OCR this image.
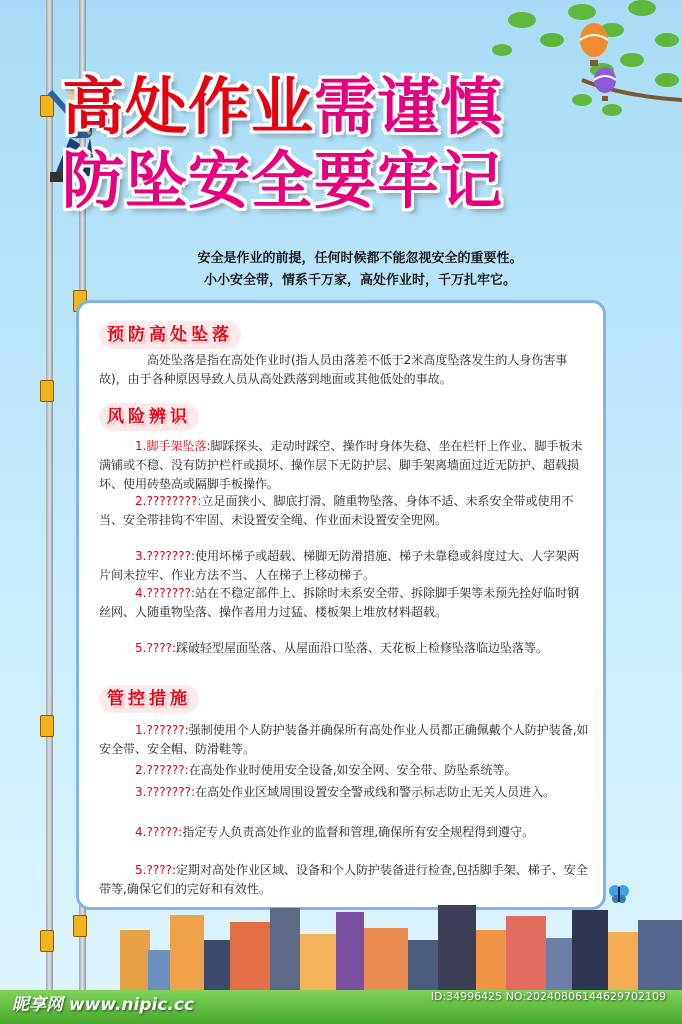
高处作业需谨慎
防坠安全要牢记
安全是作业的前提，任何时候都不能忽视安全的重要性。
小小安全带，情系千万家，高处作业时，千万扎牢它。
预防高处坠落
高处坠落是指在高处作业时(指人员由落差不低于2米高度坠落发生的人身伤害事故)，由于各种原因导致人员从高处跌落到地面或其他低处的事故。
风险辨识
1.脚手架坠落:脚踩探头、走动时踩空、操作时身体失稳、坐在栏杆上作业、脚手板未满铺或不稳、没有防护栏杆或损坏、操作层下无防护层、脚手架离墙面过近无防护、超载损坏、使用砖垫高或隔脚手板操作。
2.????????:立足面狭小、脚底打滑、随重物坠落、身体不适、未系安全带或使用不当、安全带挂钩不牢固、未设置安全绳、作业面未设置安全兜网。
3.???????:使用坏梯子或超载、梯脚无防滑措施、梯子未靠稳或斜度过大、人字架两片间未拉牢、作业方法不当、人在梯子上移动梯子。
4.???????:站在不稳定部件上、拆除时未系安全带、拆除脚手架等未预先拴好临时钢丝网、人随重物坠落、操作者用力过猛、楼板架上堆放材料超载。
5.????:踩破轻型屋面坠落、从屋面沿口坠落、天花板上检修坠落临边坠落等。
管控措施
1.??????:强制使用个人防护装备并确保所有高处作业人员都正确佩戴个人防护装备,如安全带、安全帽、防滑鞋等。
2.??????:在高处作业时使用安全设备,如安全网、安全带、防坠系统等。
3.???????:在高处作业区域周围设置安全警戒线和警示标志防止无关人员进入。
4.?????:指定专人负责高处作业的监督和管理,确保所有安全规程得到遵守。
5.????:定期对高处作业区域、设备和个人防护装备进行检查,包括脚手架、梯子、安全带等,确保它们的完好和有效性。
昵享网 www.nipic.cc	ID:34996425 NO:20240806144629702109
